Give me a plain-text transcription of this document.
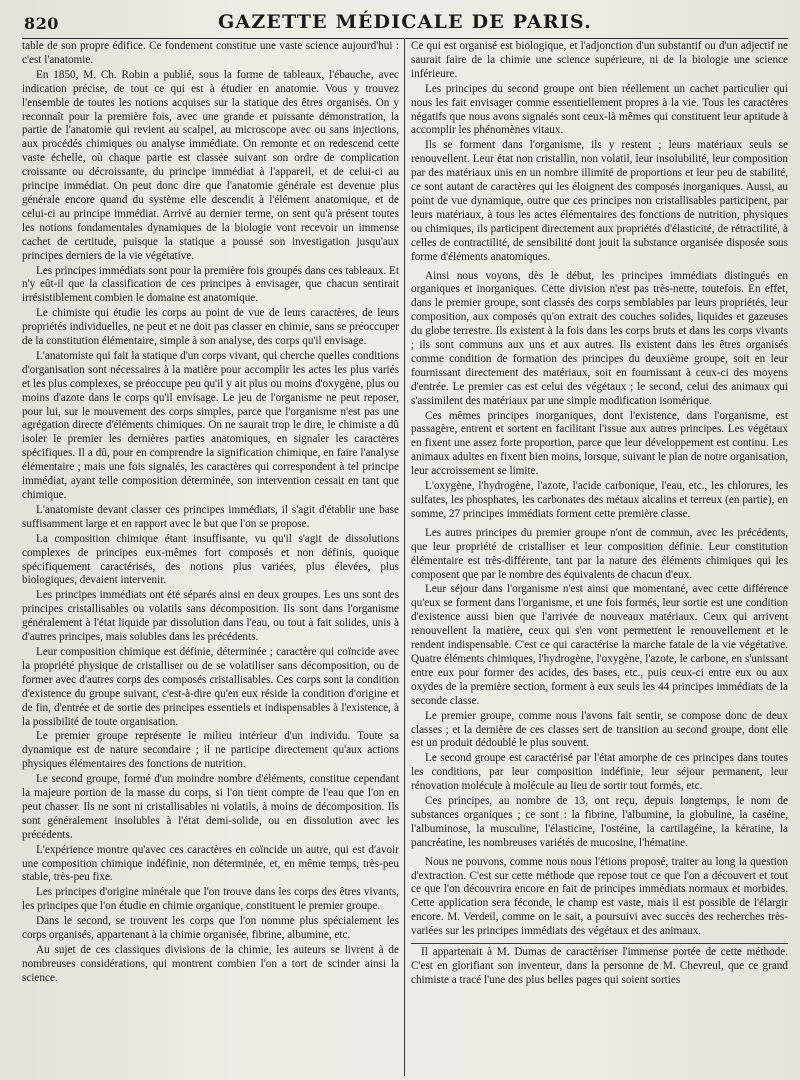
820	GAZETTE MÉDICALE DE PARIS.

table de son propre édifice. Ce fondement constitue une vaste science aujourd'hui : c'est l'anatomie.

En 1850, M. Ch. Robin a publié, sous la forme de tableaux, l'ébauche, avec indication précise, de tout ce qui est à étudier en anatomie. Vous y trouvez l'ensemble de toutes les notions acquises sur la statique des êtres organisés. On y reconnaît pour la première fois, avec une grande et puissante démonstration, la partie de l'anatomie qui revient au scalpel, au microscope avec ou sans injections, aux procédés chimiques ou analyse immédiate. On remonte et on redescend cette vaste échelle, où chaque partie est classée suivant son ordre de complication croissante ou décroissante, du principe immédiat à l'appareil, et de celui-ci au principe immédiat. On peut donc dire que l'anatomie générale est devenue plus générale encore quand du système elle descendit à l'élément anatomique, et de celui-ci au principe immédiat. Arrivé au dernier terme, on sent qu'à présent toutes les notions fondamentales dynamiques de la biologie vont recevoir un immense cachet de certitude, puisque la statique a poussé son investigation jusqu'aux principes derniers de la vie végétative.

Les principes immédiats sont pour la première fois groupés dans ces tableaux. Et n'y eût-il que la classification de ces principes à envisager, que chacun sentirait irrésistiblement combien le domaine est anatomique.

Le chimiste qui étudie les corps au point de vue de leurs caractères, de leurs propriétés individuelles, ne peut et ne doit pas classer en chimie, sans se préoccuper de la constitution élémentaire, simple à son analyse, des corps qu'il envisage.

L'anatomiste qui fait la statique d'un corps vivant, qui cherche quelles conditions d'organisation sont nécessaires à la matière pour accomplir les actes les plus variés et les plus complexes, se préoccupe peu qu'il y ait plus ou moins d'oxygène, plus ou moins d'azote dans le corps qu'il envisage. Le jeu de l'organisme ne peut reposer, pour lui, sur le mouvement des corps simples, parce que l'organisme n'est pas une agrégation directe d'éléments chimiques. On ne saurait trop le dire, le chimiste a dû isoler le premier les dernières parties anatomiques, en signaler les caractères spécifiques. Il a dû, pour en comprendre la signification chimique, en faire l'analyse élémentaire ; mais une fois signalés, les caractères qui correspondent à tel principe immédiat, ayant telle composition déterminée, son intervention cessait en tant que chimique.

L'anatomiste devant classer ces principes immédiats, il s'agit d'établir une base suffisamment large et en rapport avec le but que l'on se propose.

La composition chimique étant insuffisante, vu qu'il s'agit de dissolutions complexes de principes eux-mêmes fort composés et non définis, quoique spécifiquement caractérisés, des notions plus variées, plus élevées, plus biologiques, devaient intervenir.

Les principes immédiats ont été séparés ainsi en deux groupes. Les uns sont des principes cristallisables ou volatils sans décomposition. Ils sont dans l'organisme généralement à l'état liquide par dissolution dans l'eau, ou tout à fait solides, unis à d'autres principes, mais solubles dans les précédents.

Leur composition chimique est définie, déterminée ; caractère qui coïncide avec la propriété physique de cristalliser ou de se volatiliser sans décomposition, ou de former avec d'autres corps des composés cristallisables. Ces corps sont la condition d'existence du groupe suivant, c'est-à-dire qu'en eux réside la condition d'origine et de fin, d'entrée et de sortie des principes essentiels et indispensables à l'existence, à la possibilité de toute organisation.

Le premier groupe représente le milieu intérieur d'un individu. Toute sa dynamique est de nature secondaire ; il ne participe directement qu'aux actions physiques élémentaires des fonctions de nutrition.

Le second groupe, formé d'un moindre nombre d'éléments, constitue cependant la majeure portion de la masse du corps, si l'on tient compte de l'eau que l'on en peut chasser. Ils ne sont ni cristallisables ni volatils, à moins de décomposition. Ils sont généralement insolubles à l'état demi-solide, ou en dissolution avec les précédents.

L'expérience montre qu'avec ces caractères en coïncide un autre, qui est d'avoir une composition chimique indéfinie, non déterminée, et, en même temps, très-peu stable, très-peu fixe.

Les principes d'origine minérale que l'on trouve dans les corps des êtres vivants, les principes que l'on étudie en chimie organique, constituent le premier groupe.

Dans le second, se trouvent les corps que l'on nomme plus spécialement les corps organisés, appartenant à la chimie organisée, fibrine, albumine, etc.

Au sujet de ces classiques divisions de la chimie, les auteurs se livrent à de nombreuses considérations, qui montrent combien l'on a tort de scinder ainsi la science.

Ce qui est organisé est biologique, et l'adjonction d'un substantif ou d'un adjectif ne saurait faire de la chimie une science supérieure, ni de la biologie une science inférieure.

Les principes du second groupe ont bien réellement un cachet particulier qui nous les fait envisager comme essentiellement propres à la vie. Tous les caractères négatifs que nous avons signalés sont ceux-là mêmes qui constituent leur aptitude à accomplir les phénomènes vitaux.

Ils se forment dans l'organisme, ils y restent ; leurs matériaux seuls se renouvellent. Leur état non cristallin, non volatil, leur insolubilité, leur composition par des matériaux unis en un nombre illimité de proportions et leur peu de stabilité, ce sont autant de caractères qui les éloignent des composés inorganiques. Aussi, au point de vue dynamique, outre que ces principes non cristallisables participent, par leurs matériaux, à tous les actes élémentaires des fonctions de nutrition, physiques ou chimiques, ils participent directement aux propriétés d'élasticité, de rétractilité, à celles de contractilité, de sensibilité dont jouit la substance organisée disposée sous forme d'éléments anatomiques.

Ainsi nous voyons, dès le début, les principes immédiats distingués en organiques et inorganiques. Cette division n'est pas très-nette, toutefois. En effet, dans le premier groupe, sont classés des corps semblables par leurs propriétés, leur composition, aux composés qu'on extrait des couches solides, liquides et gazeuses du globe terrestre. Ils existent à la fois dans les corps bruts et dans les corps vivants ; ils sont communs aux uns et aux autres. Ils existent dans les êtres organisés comme condition de formation des principes du deuxième groupe, soit en leur fournissant directement des matériaux, soit en fournissant à ceux-ci des moyens d'entrée. Le premier cas est celui des végétaux ; le second, celui des animaux qui s'assimilent des matériaux par une simple modification isomérique.

Ces mêmes principes inorganiques, dont l'existence, dans l'organisme, est passagère, entrent et sortent en facilitant l'issue aux autres principes. Les végétaux en fixent une assez forte proportion, parce que leur développement est continu. Les animaux adultes en fixent bien moins, lorsque, suivant le plan de notre organisation, leur accroissement se limite.

L'oxygène, l'hydrogène, l'azote, l'acide carbonique, l'eau, etc., les chlorures, les sulfates, les phosphates, les carbonates des métaux alcalins et terreux (en partie), en somme, 27 principes immédiats forment cette première classe.

Les autres principes du premier groupe n'ont de commun, avec les précédents, que leur propriété de cristalliser et leur composition définie. Leur constitution élémentaire est très-différente, tant par la nature des éléments chimiques qui les composent que par le nombre des équivalents de chacun d'eux.

Leur séjour dans l'organisme n'est ainsi que momentané, avec cette différence qu'eux se forment dans l'organisme, et une fois formés, leur sortie est une condition d'existence aussi bien que l'arrivée de nouveaux matériaux. Ceux qui arrivent renouvellent la matière, ceux qui s'en vont permettent le renouvellement et le rendent indispensable. C'est ce qui caractérise la marche fatale de la vie végétative. Quatre éléments chimiques, l'hydrogène, l'oxygène, l'azote, le carbone, en s'unissant entre eux pour former des acides, des bases, etc., puis ceux-ci entre eux ou aux oxydes de la première section, forment à eux seuls les 44 principes immédiats de la seconde classe.

Le premier groupe, comme nous l'avons fait sentir, se compose donc de deux classes ; et la dernière de ces classes sert de transition au second groupe, dont elle est un produit dédoublé le plus souvent.

Le second groupe est caractérisé par l'état amorphe de ces principes dans toutes les conditions, par leur composition indéfinie, leur séjour permanent, leur rénovation molécule à molécule au lieu de sortir tout formés, etc.

Ces principes, au nombre de 13, ont reçu, depuis longtemps, le nom de substances organiques ; ce sont : la fibrine, l'albumine, la globuline, la caséine, l'albuminose, la musculine, l'élasticine, l'ostéine, la cartilagéine, la kératine, la pancréatine, les nombreuses variétés de mucosine, l'hématine.

Nous ne pouvons, comme nous nous l'étions proposé, traiter au long la question d'extraction. C'est sur cette méthode que repose tout ce que l'on a découvert et tout ce que l'on découvrira encore en fait de principes immédiats normaux et morbides. Cette application sera féconde, le champ est vaste, mais il est possible de l'élargir encore. M. Verdeil, comme on le sait, a poursuivi avec succès des recherches très-variées sur les principes immédiats des végétaux et des animaux.

Il appartenait à M. Dumas de caractériser l'immense portée de cette méthode. C'est en glorifiant son inventeur, dans la personne de M. Chevreul, que ce grand chimiste a tracé l'une des plus belles pages qui soient sorties
